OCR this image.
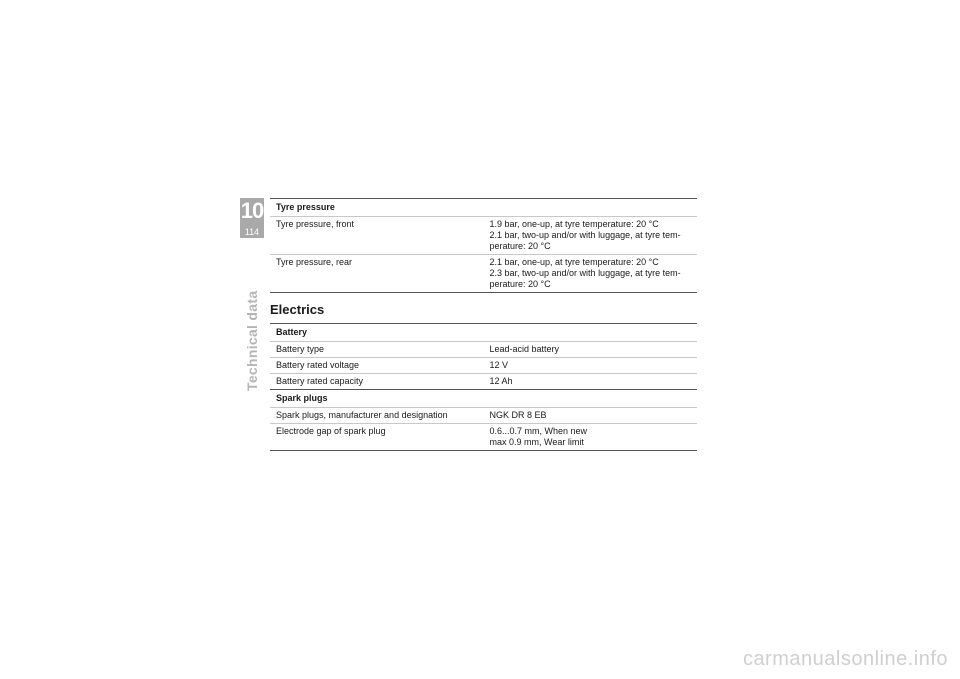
10
114
Technical data
Tyre pressure	
Tyre pressure, front	1.9 bar, one-up, at tyre temperature: 20 °C
2.1 bar, two-up and/or with luggage, at tyre tem-
perature: 20 °C

Tyre pressure, rear	2.1 bar, one-up, at tyre temperature: 20 °C
2.3 bar, two-up and/or with luggage, at tyre tem-
perature: 20 °C
Electrics
Battery	
Battery type	Lead-acid battery
Battery rated voltage	12 V
Battery rated capacity	12 Ah
Spark plugs	
Spark plugs, manufacturer and designation	NGK DR 8 EB

Electrode gap of spark plug	0.6...0.7 mm, When new
max 0.9 mm, Wear limit
carmanualsonline.info
